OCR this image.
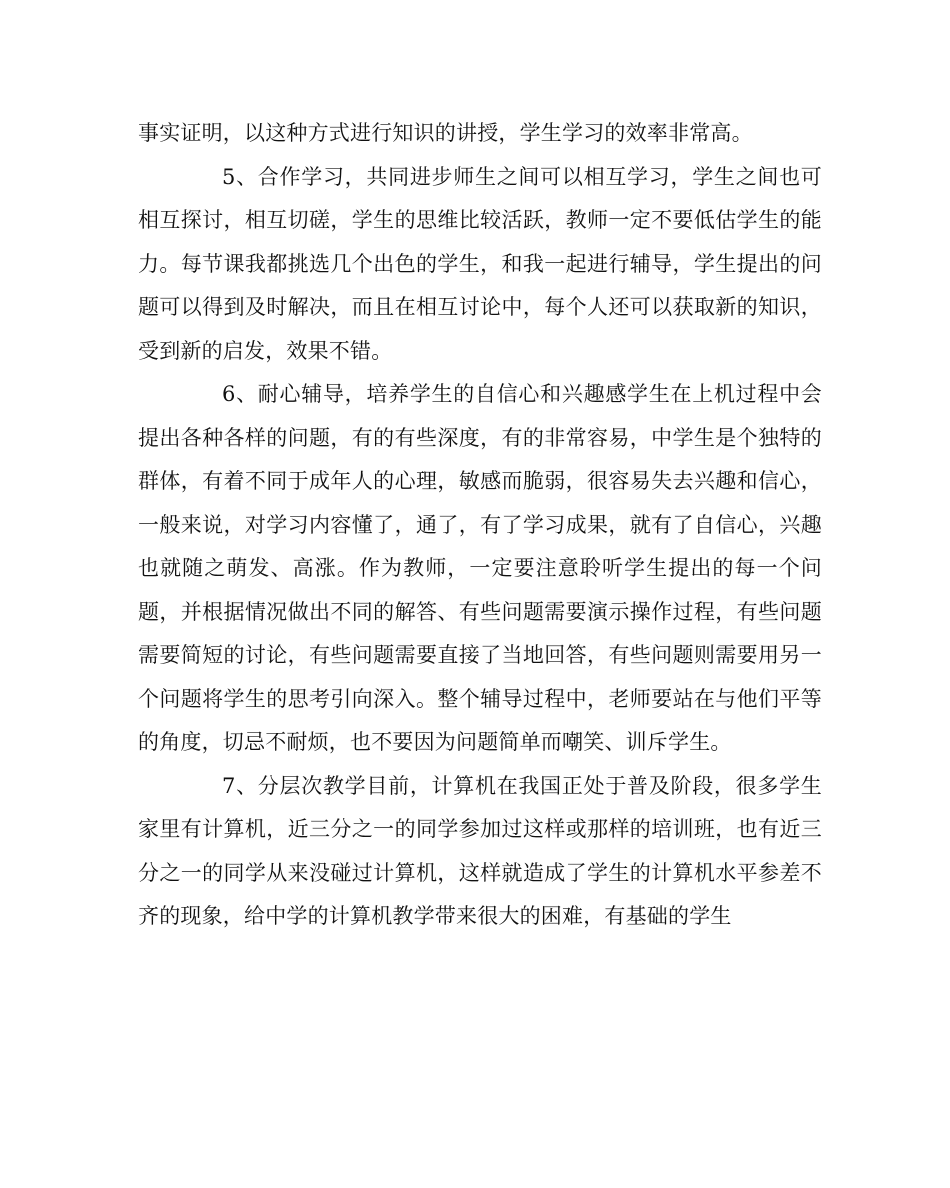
事实证明，以这种方式进行知识的讲授，学生学习的效率非常高。

5、合作学习，共同进步师生之间可以相互学习，学生之间也可相互探讨，相互切磋，学生的思维比较活跃，教师一定不要低估学生的能力。每节课我都挑选几个出色的学生，和我一起进行辅导，学生提出的问题可以得到及时解决，而且在相互讨论中，每个人还可以获取新的知识，受到新的启发，效果不错。

6、耐心辅导，培养学生的自信心和兴趣感学生在上机过程中会提出各种各样的问题，有的有些深度，有的非常容易，中学生是个独特的群体，有着不同于成年人的心理，敏感而脆弱，很容易失去兴趣和信心，一般来说，对学习内容懂了，通了，有了学习成果，就有了自信心，兴趣也就随之萌发、高涨。作为教师，一定要注意聆听学生提出的每一个问题，并根据情况做出不同的解答、有些问题需要演示操作过程，有些问题需要简短的讨论，有些问题需要直接了当地回答，有些问题则需要用另一个问题将学生的思考引向深入。整个辅导过程中，老师要站在与他们平等的角度，切忌不耐烦，也不要因为问题简单而嘲笑、训斥学生。

7、分层次教学目前，计算机在我国正处于普及阶段，很多学生家里有计算机，近三分之一的同学参加过这样或那样的培训班，也有近三分之一的同学从来没碰过计算机，这样就造成了学生的计算机水平参差不齐的现象，给中学的计算机教学带来很大的困难，有基础的学生
